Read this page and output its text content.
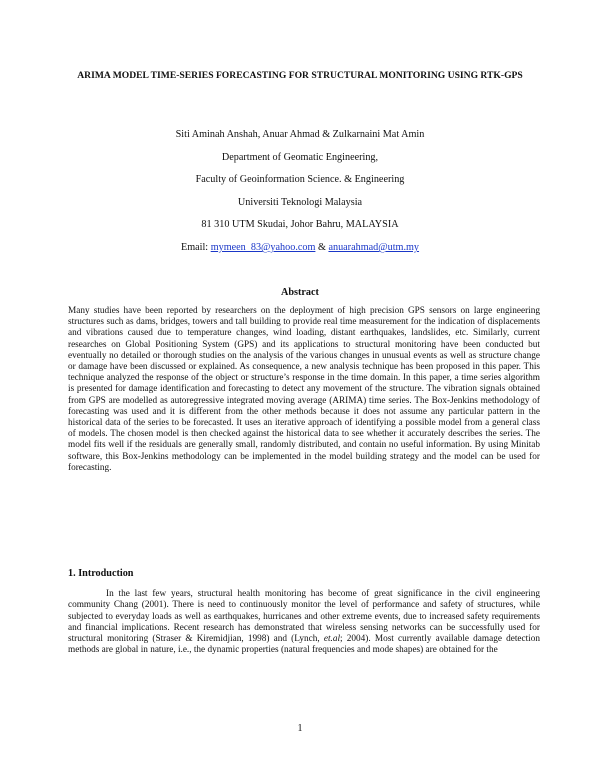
ARIMA MODEL TIME-SERIES FORECASTING FOR STRUCTURAL MONITORING USING RTK-GPS
Siti Aminah Anshah, Anuar Ahmad & Zulkarnaini Mat Amin
Department of Geomatic Engineering,
Faculty of Geoinformation Science. & Engineering
Universiti Teknologi Malaysia
81 310 UTM Skudai, Johor Bahru, MALAYSIA
Email: mymeen_83@yahoo.com & anuarahmad@utm.my
Abstract
Many studies have been reported by researchers on the deployment of high precision GPS sensors on large engineering structures such as dams, bridges, towers and tall building to provide real time measurement for the indication of displacements and vibrations caused due to temperature changes, wind loading, distant earthquakes, landslides, etc. Similarly, current researches on Global Positioning System (GPS) and its applications to structural monitoring have been conducted but eventually no detailed or thorough studies on the analysis of the various changes in unusual events as well as structure change or damage have been discussed or explained. As consequence, a new analysis technique has been proposed in this paper. This technique analyzed the response of the object or structure’s response in the time domain. In this paper, a time series algorithm is presented for damage identification and forecasting to detect any movement of the structure. The vibration signals obtained from GPS are modelled as autoregressive integrated moving average (ARIMA) time series. The Box-Jenkins methodology of forecasting was used and it is different from the other methods because it does not assume any particular pattern in the historical data of the series to be forecasted. It uses an iterative approach of identifying a possible model from a general class of models. The chosen model is then checked against the historical data to see whether it accurately describes the series. The model fits well if the residuals are generally small, randomly distributed, and contain no useful information. By using Minitab software, this Box-Jenkins methodology can be implemented in the model building strategy and the model can be used for forecasting.
1. Introduction
In the last few years, structural health monitoring has become of great significance in the civil engineering community Chang (2001). There is need to continuously monitor the level of performance and safety of structures, while subjected to everyday loads as well as earthquakes, hurricanes and other extreme events, due to increased safety requirements and financial implications. Recent research has demonstrated that wireless sensing networks can be successfully used for structural monitoring (Straser & Kiremidjian, 1998) and (Lynch, et.al; 2004). Most currently available damage detection methods are global in nature, i.e., the dynamic properties (natural frequencies and mode shapes) are obtained for the
1
